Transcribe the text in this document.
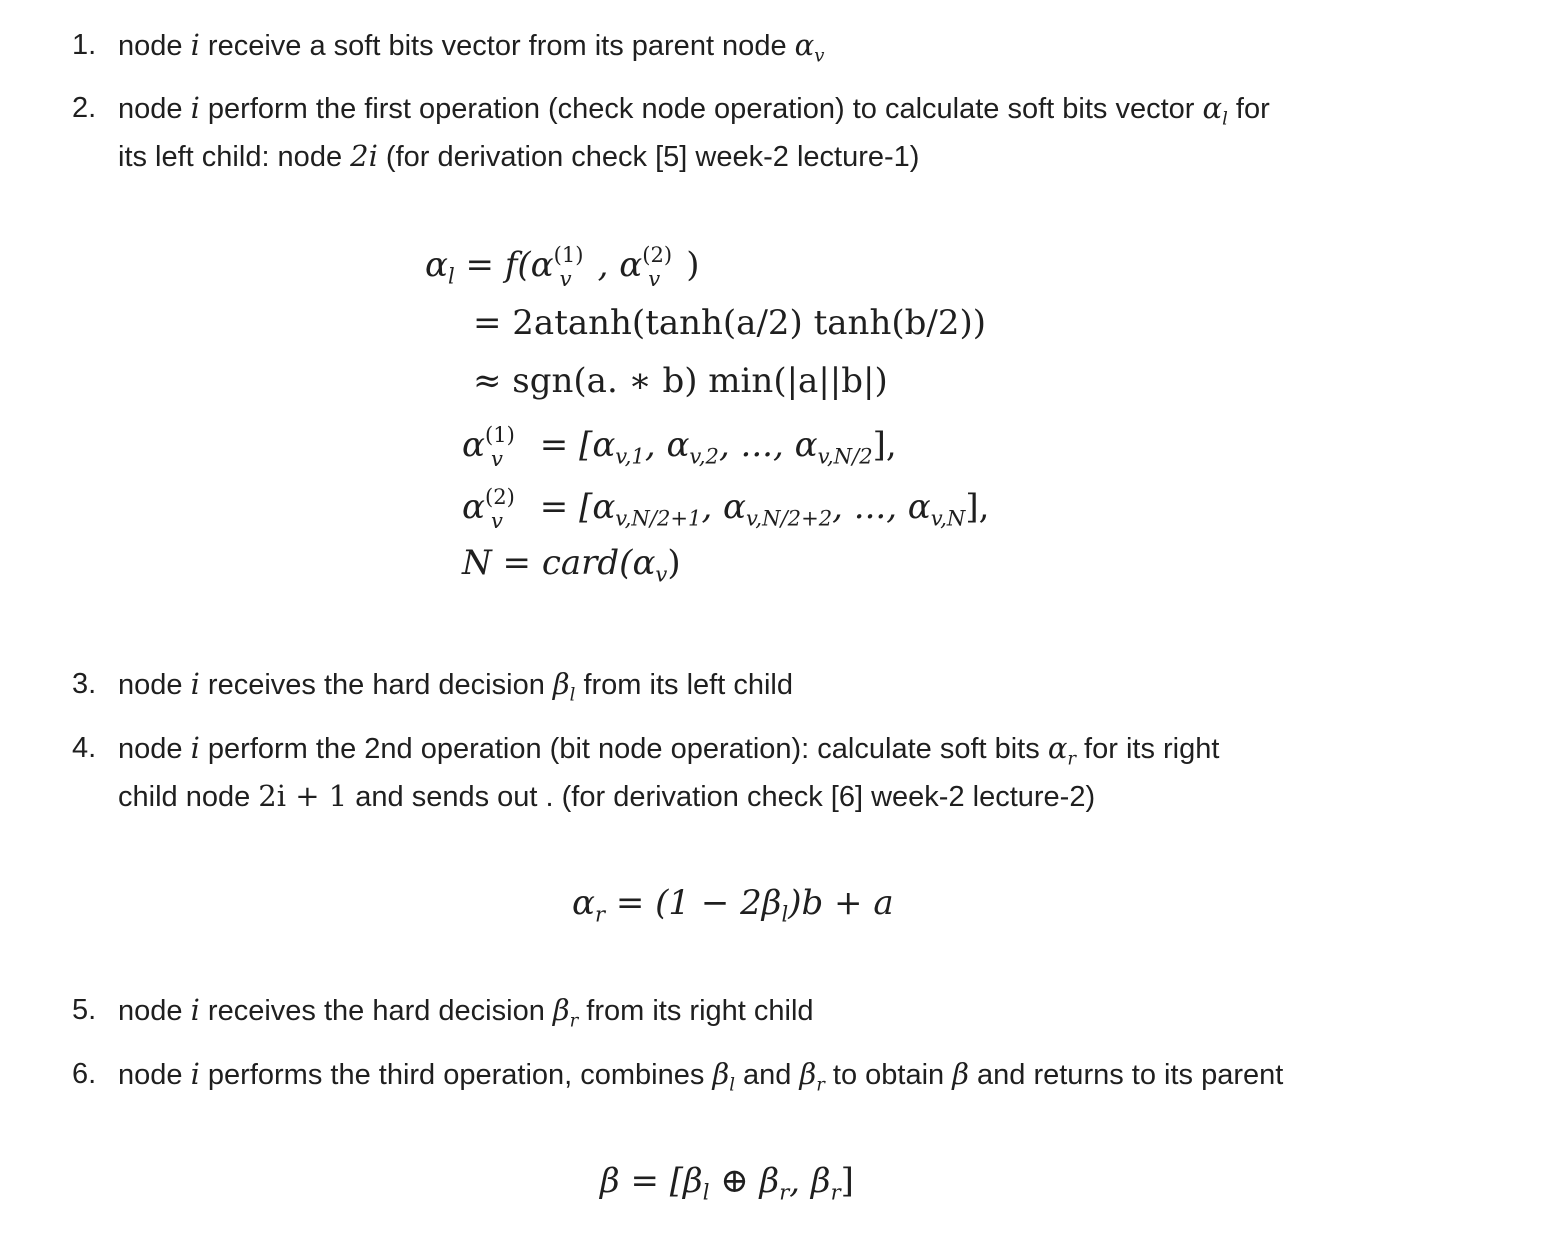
1. node i receive a soft bits vector from its parent node $\alpha_v$
2. node i perform the first operation (check node operation) to calculate soft bits vector $\alpha_l$ for
its left child: node 2i (for derivation check [5] week-2 lecture-1)
$\alpha_l = f(\alpha$ (1)
v , α (2)
v )
= 2atanh(tanh(a/2) tanh(b/2))
≈ sgn(a. ∗ b) min(|a||b|)
α (1)
$v = [\alpha_{v,1}$, $\alpha_{v,2}$, ..., $\alpha_{v,N/2}$],
α (2)
$v = [\alpha_{v,N/2+1}$, $\alpha_{v,N/2+2}$, ..., $\alpha_{v,N}$],
$N = card(\alpha_v)$
3. node i receives the hard decision $\beta_l$ from its left child
4. node i perform the 2nd operation (bit node operation): calculate soft bits $\alpha_r$ for its right
child node 2i + 1 and sends out . (for derivation check [6] week-2 lecture-2)
$\alpha_r = (1 - 2\beta_l)b + a$
5. node i receives the hard decision $\beta_r$ from its right child
6. node i performs the third operation, combines $\beta_l$ and $\beta_r$ to obtain β and returns to its parent
$\beta = [\beta_l$ ⊕ $\beta_r$, $\beta_r$]
